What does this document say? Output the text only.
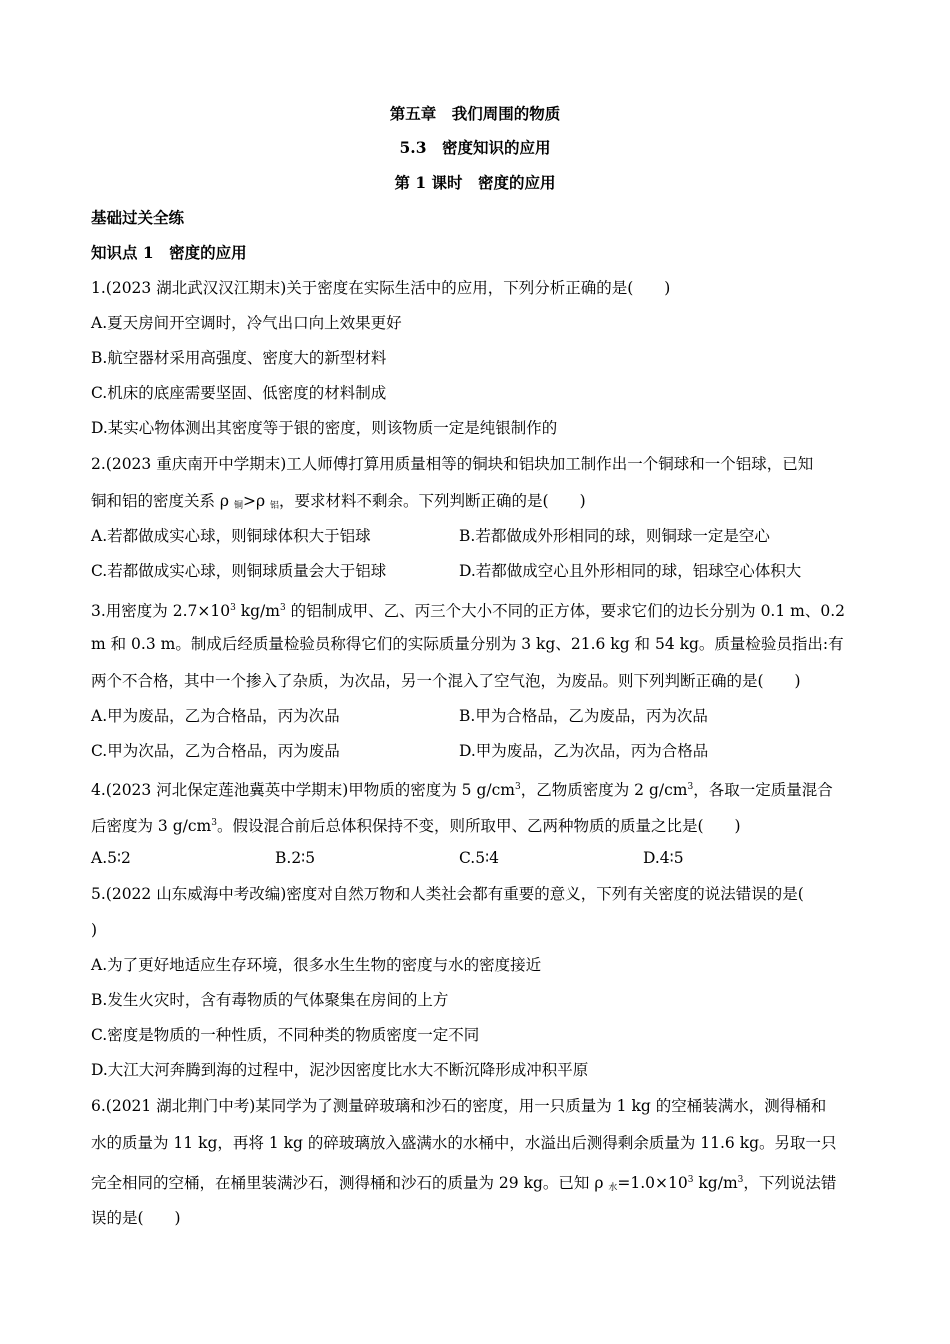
第五章　我们周围的物质
5.3　密度知识的应用
第 1 课时　密度的应用
基础过关全练
知识点 1　密度的应用
1.(2023 湖北武汉汉江期末)关于密度在实际生活中的应用，下列分析正确的是(　　)
A.夏天房间开空调时，冷气出口向上效果更好
B.航空器材采用高强度、密度大的新型材料
C.机床的底座需要坚固、低密度的材料制成
D.某实心物体测出其密度等于银的密度，则该物质一定是纯银制作的
2.(2023 重庆南开中学期末)工人师傅打算用质量相等的铜块和铝块加工制作出一个铜球和一个铝球，已知
铜和铝的密度关系 ρ $_铜$>ρ $_铝$，要求材料不剩余。下列判断正确的是(　　)
A.若都做成实心球，则铜球体积大于铝球	B.若都做成外形相同的球，则铜球一定是空心
C.若都做成实心球，则铜球质量会大于铝球	D.若都做成空心且外形相同的球，铝球空心体积大
3.用密度为 $2.7\times 10^3$ $kg/m^3$ 的铝制成甲、乙、丙三个大小不同的正方体，要求它们的边长分别为 0.1 m、0.2
m 和 0.3 m。制成后经质量检验员称得它们的实际质量分别为 3 kg、21.6 kg 和 54 kg。质量检验员指出:有
两个不合格，其中一个掺入了杂质，为次品，另一个混入了空气泡，为废品。则下列判断正确的是(　　)
A.甲为废品，乙为合格品，丙为次品	B.甲为合格品，乙为废品，丙为次品
C.甲为次品，乙为合格品，丙为废品	D.甲为废品，乙为次品，丙为合格品
4.(2023 河北保定莲池冀英中学期末)甲物质的密度为 5 $g/cm^3$，乙物质密度为 2 $g/cm^3$，各取一定质量混合
后密度为 3 $g/cm^3$。假设混合前后总体积保持不变，则所取甲、乙两种物质的质量之比是(　　)
A.5∶2	B.2∶5	C.5∶4	D.4∶5
5.(2022 山东威海中考改编)密度对自然万物和人类社会都有重要的意义，下列有关密度的说法错误的是(
)
A.为了更好地适应生存环境，很多水生生物的密度与水的密度接近
B.发生火灾时，含有毒物质的气体聚集在房间的上方
C.密度是物质的一种性质，不同种类的物质密度一定不同
D.大江大河奔腾到海的过程中，泥沙因密度比水大不断沉降形成冲积平原
6.(2021 湖北荆门中考)某同学为了测量碎玻璃和沙石的密度，用一只质量为 1 kg 的空桶装满水，测得桶和
水的质量为 11 kg，再将 1 kg 的碎玻璃放入盛满水的水桶中，水溢出后测得剩余质量为 11.6 kg。另取一只
完全相同的空桶，在桶里装满沙石，测得桶和沙石的质量为 29 kg。已知 ρ $_水=1.0\times 10^3$ $kg/m^3$，下列说法错
误的是(　　)
